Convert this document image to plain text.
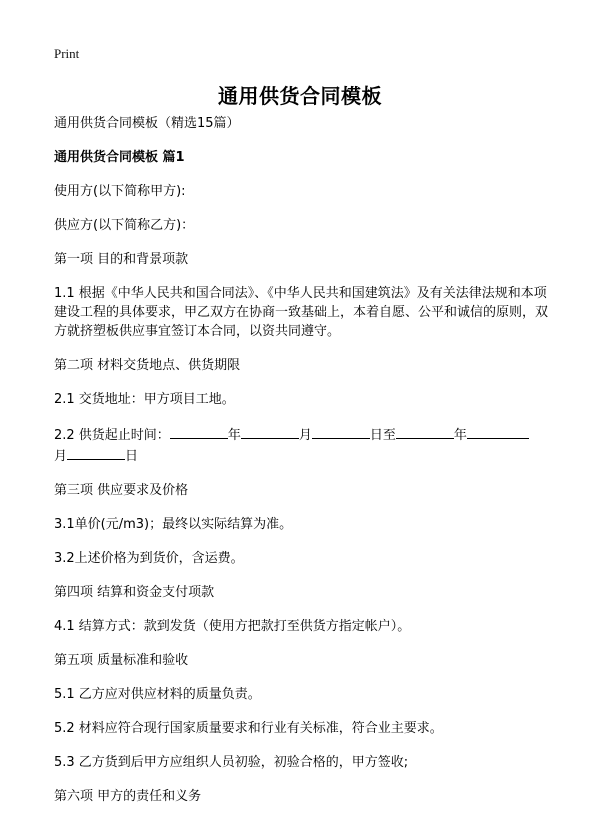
Print
通用供货合同模板

通用供货合同模板（精选15篇）

通用供货合同模板 篇1

使用方(以下简称甲方):

供应方(以下简称乙方)：

第一项 目的和背景项款

1.1 根据《中华人民共和国合同法》、《中华人民共和国建筑法》及有关法律法规和本项建设工程的具体要求，甲乙双方在协商一致基础上，本着自愿、公平和诚信的原则，双方就挤塑板供应事宜签订本合同，以资共同遵守。

第二项 材料交货地点、供货期限

2.1 交货地址：甲方项目工地。

2.2 供货起止时间：	年	月	日至	年
月	日

第三项 供应要求及价格

3.1单价(元/m3)；最终以实际结算为准。

3.2上述价格为到货价，含运费。

第四项 结算和资金支付项款

4.1 结算方式：款到发货（使用方把款打至供货方指定帐户）。

第五项 质量标准和验收

5.1 乙方应对供应材料的质量负责。

5.2 材料应符合现行国家质量要求和行业有关标准，符合业主要求。

5.3 乙方货到后甲方应组织人员初验，初验合格的，甲方签收;

第六项 甲方的责任和义务
